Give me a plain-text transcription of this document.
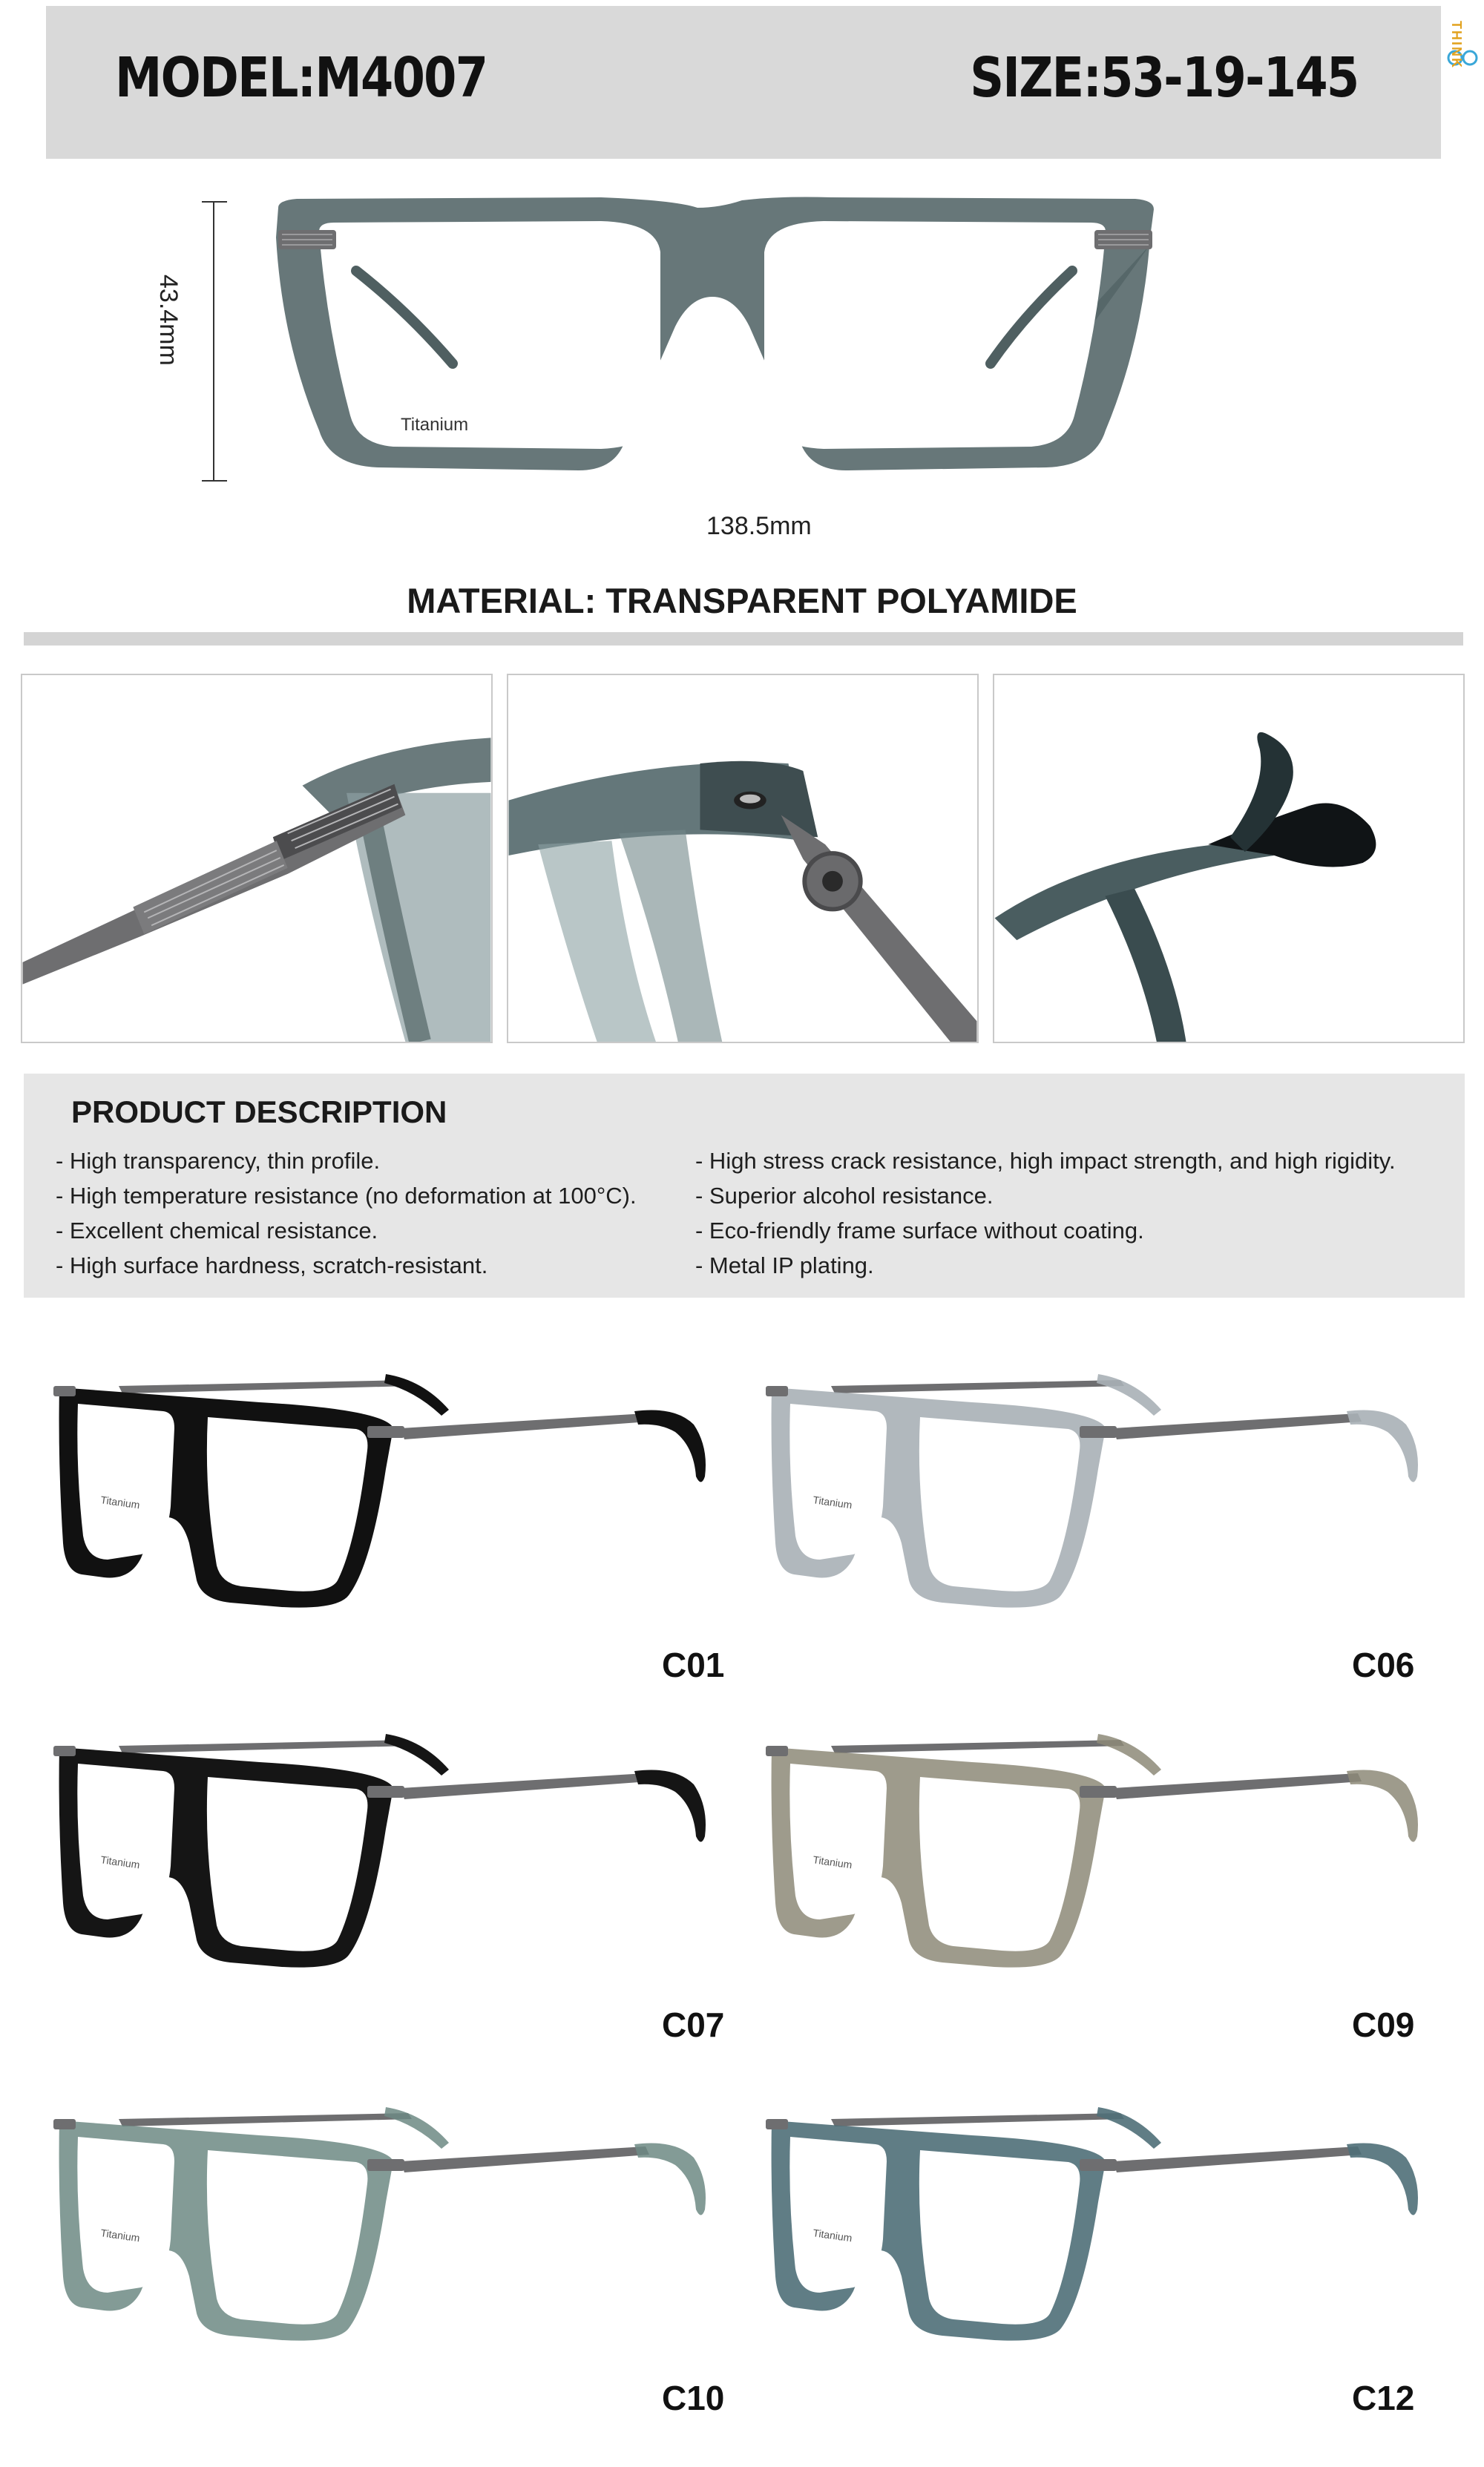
MODEL:M4007	SIZE:53-19-145
THINK
Titanium
138.5mm
43.4mm
MATERIAL: TRANSPARENT POLYAMIDE
PRODUCT DESCRIPTION
- High transparency, thin profile.
- High temperature resistance (no deformation at 100°C).
- Excellent chemical resistance.
- High surface hardness, scratch-resistant.
- High stress crack resistance, high impact strength, and high rigidity.
- Superior alcohol resistance.
- Eco-friendly frame surface without coating.
- Metal IP plating.
Titanium
C01
Titanium
C06
Titanium
C07
Titanium
C09
Titanium
C10
Titanium
C12
